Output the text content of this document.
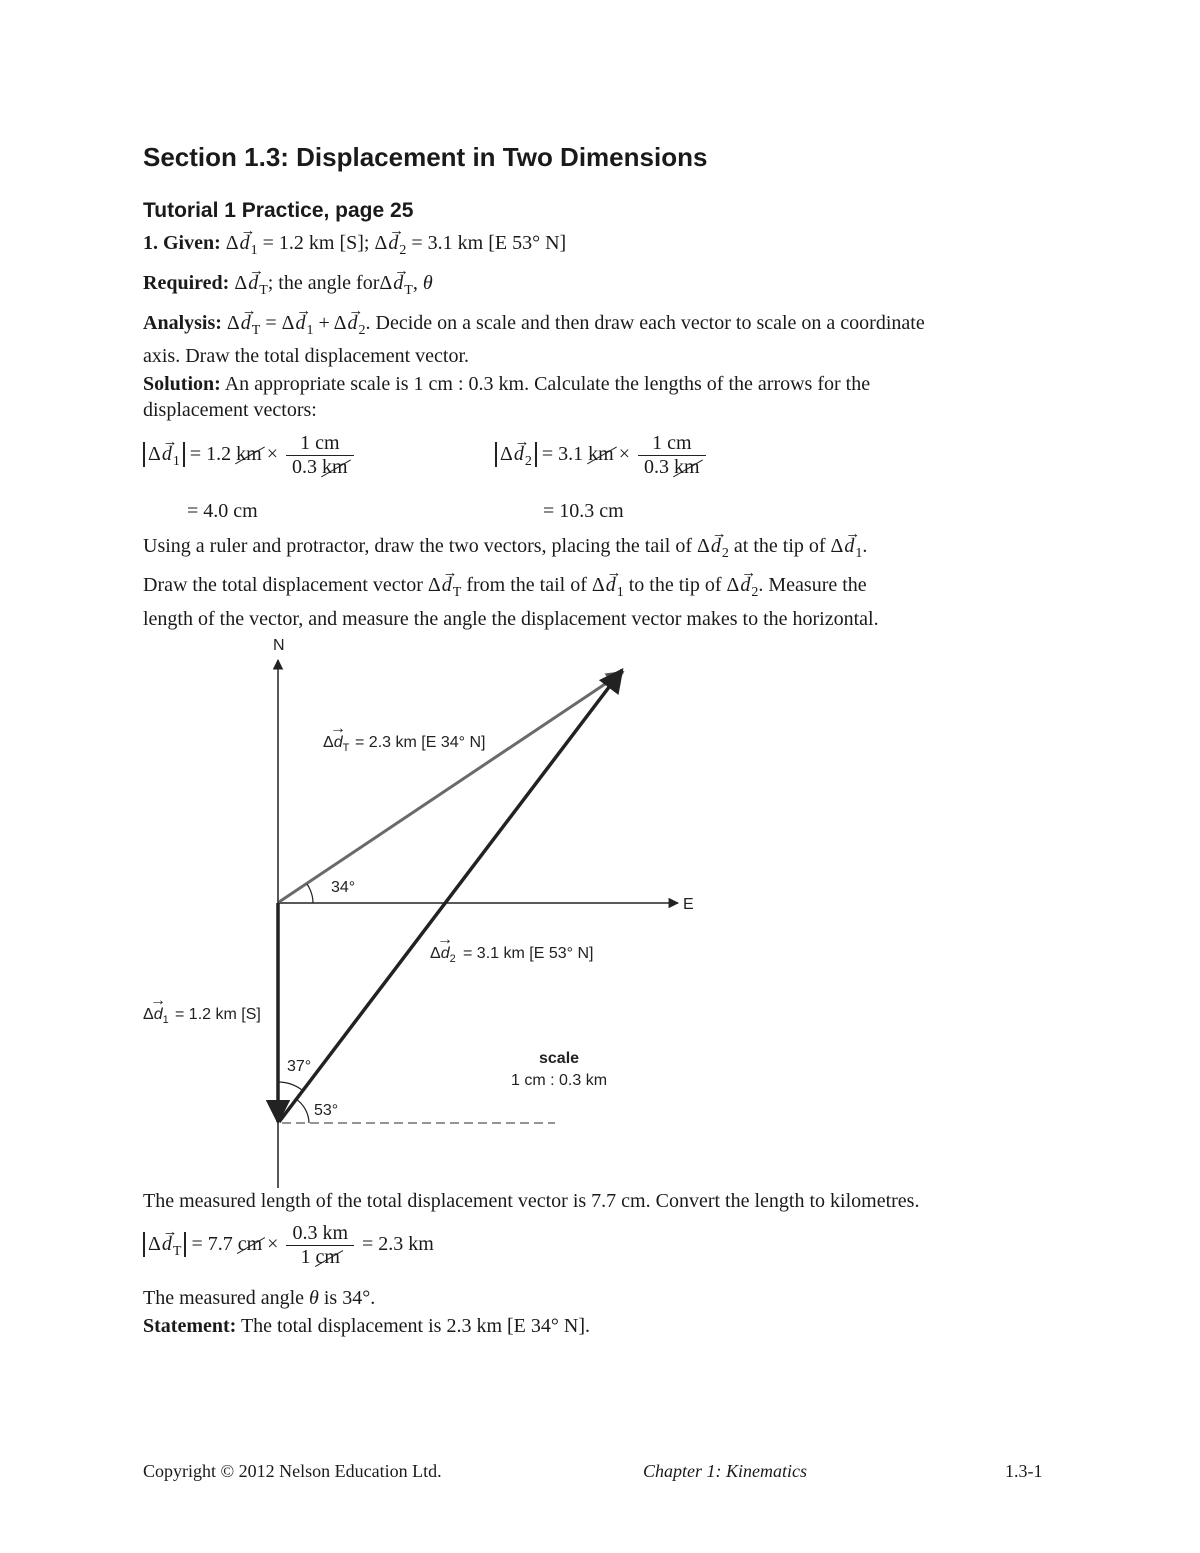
Section 1.3: Displacement in Two Dimensions
Tutorial 1 Practice, page 25
1. Given: $\Delta\to d_1 = 1.2$ km [S]; $\Delta\to d_2 = 3.1$ km [E 53° N]
Required: $\Delta\to d_T$; the angle $for\Delta\to d_T$, θ
Analysis: $\Delta\to d_T = \Delta\to d_1 + \Delta\to d_2$. Decide on a scale and then draw each vector to scale on a coordinate
axis. Draw the total displacement vector.
Solution: An appropriate scale is 1 cm : 0.3 km. Calculate the lengths of the arrows for the
displacement vectors:
$\Delta\to d_1 = 1.2$ km × $\frac{1 cm}{0.3 km}$
= 4.0 cm
$\Delta\to d_2 = 3.1$ km × $\frac{1 cm}{0.3 km}$
= 10.3 cm
Using a ruler and protractor, draw the two vectors, placing the tail of $\Delta\to d_2$ at the tip of $\Delta\to d_1$.
Draw the total displacement vector $\Delta\to d_T$ from the tail of $\Delta\to d_1$ to the tip of $\Delta\to d_2$. Measure the
length of the vector, and measure the angle the displacement vector makes to the horizontal.
N
E
34°
37°
53°
$\Delta d_T$
→
= 2.3 km [E 34° N]
$\Delta d_2$
→
= 3.1 km [E 53° N]
$\Delta d_1$
→
= 1.2 km [S]
scale
1 cm : 0.3 km
The measured length of the total displacement vector is 7.7 cm. Convert the length to kilometres.
$\Delta\to d_T = 7.7$ cm × $\frac{0.3 km}{1 cm} = 2.3$ km
The measured angle θ is 34°.
Statement: The total displacement is 2.3 km [E 34° N].
Copyright © 2012 Nelson Education Ltd.	Chapter 1: Kinematics	1.3-1
